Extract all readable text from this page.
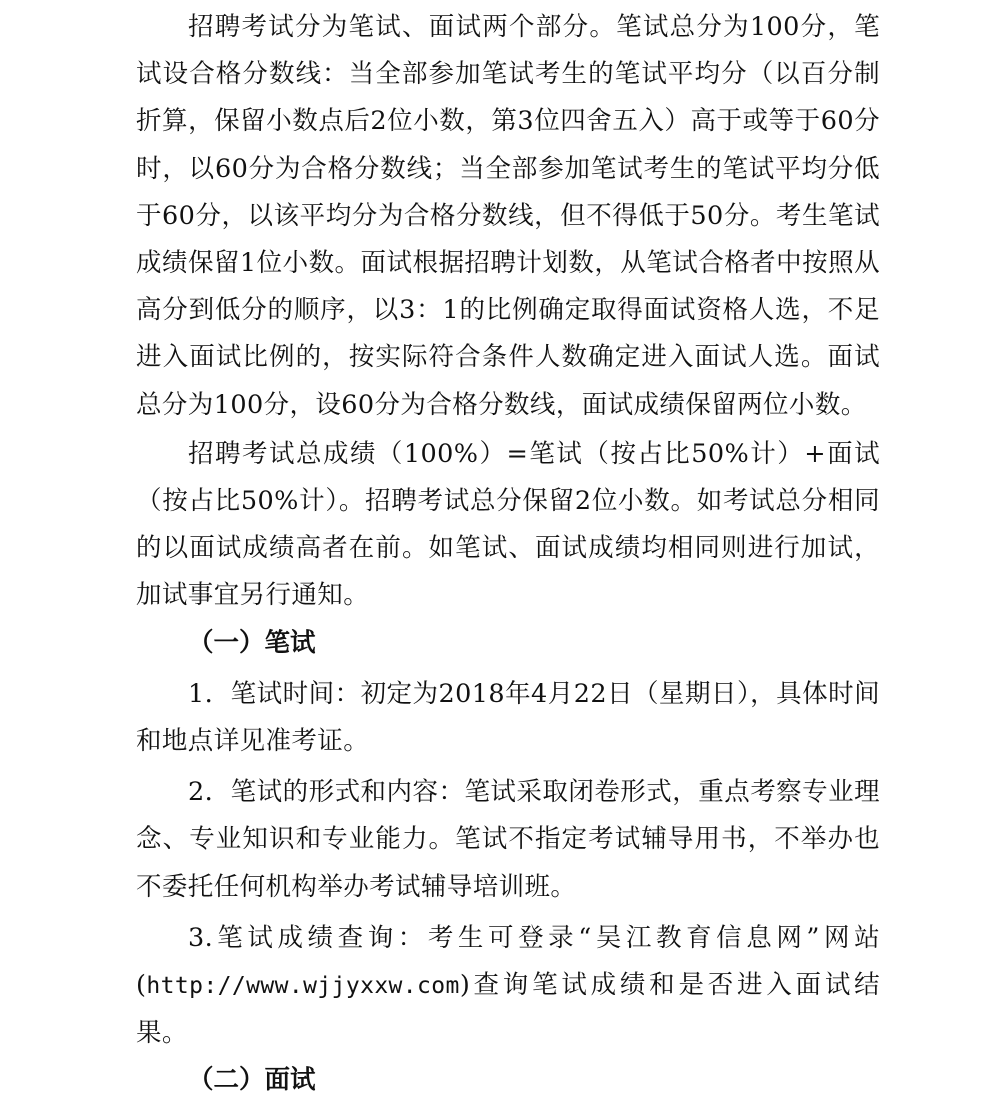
招聘考试分为笔试、面试两个部分。笔试总分为100分，笔试设合格分数线：当全部参加笔试考生的笔试平均分（以百分制折算，保留小数点后2位小数，第3位四舍五入）高于或等于60分时，以60分为合格分数线；当全部参加笔试考生的笔试平均分低于60分，以该平均分为合格分数线，但不得低于50分。考生笔试成绩保留1位小数。面试根据招聘计划数，从笔试合格者中按照从高分到低分的顺序，以3：1的比例确定取得面试资格人选，不足进入面试比例的，按实际符合条件人数确定进入面试人选。面试总分为100分，设60分为合格分数线，面试成绩保留两位小数。

招聘考试总成绩（100%）=笔试（按占比50%计）+面试（按占比50%计）。招聘考试总分保留2位小数。如考试总分相同的以面试成绩高者在前。如笔试、面试成绩均相同则进行加试，加试事宜另行通知。

（一）笔试

1．笔试时间：初定为2018年4月22日（星期日），具体时间和地点详见准考证。

2．笔试的形式和内容：笔试采取闭卷形式，重点考察专业理念、专业知识和专业能力。笔试不指定考试辅导用书，不举办也不委托任何机构举办考试辅导培训班。

3.笔试成绩查询：考生可登录“吴江教育信息网”网站(http://www.wjjyxxw.com)查询笔试成绩和是否进入面试结果。

（二）面试
